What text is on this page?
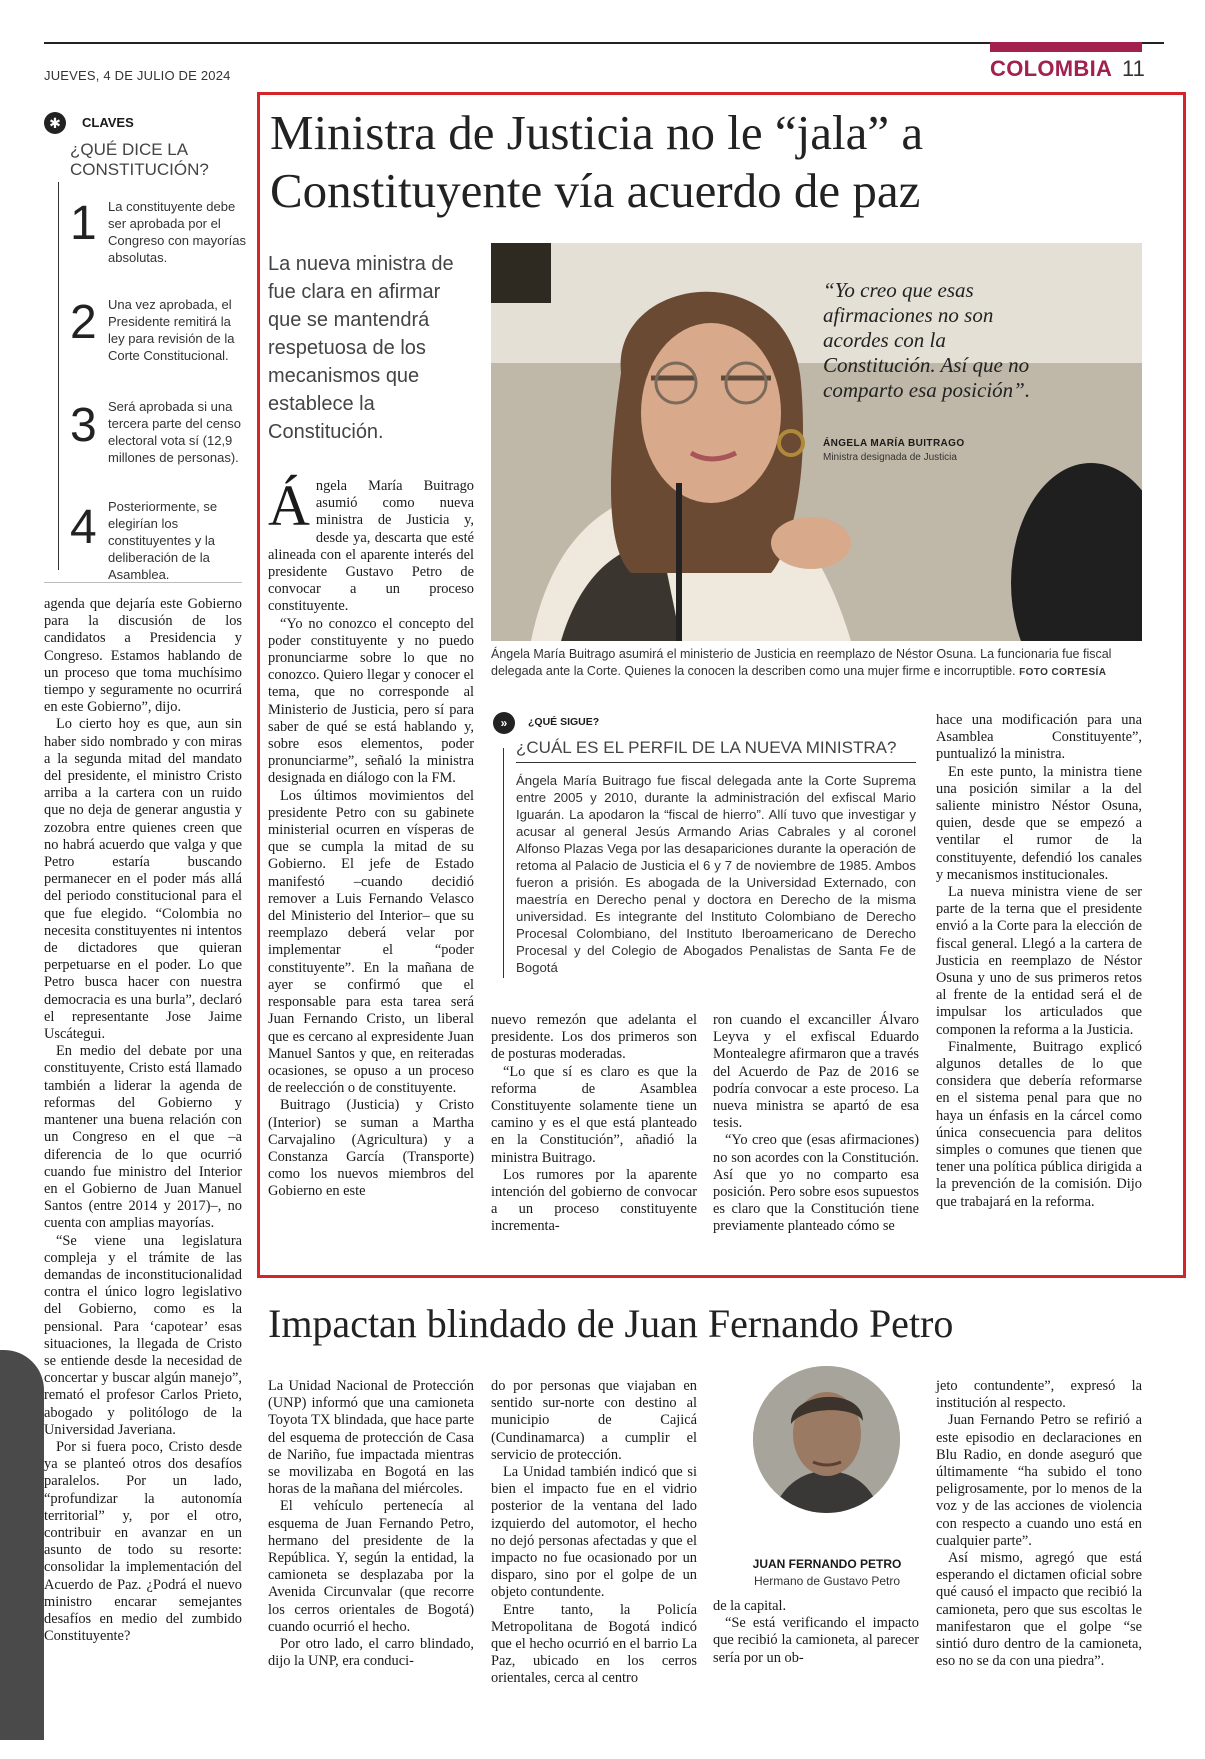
JUEVES, 4 DE JULIO DE 2024	COLOMBIA 11
✱	CLAVES
¿QUÉ DICE LA CONSTITUCIÓN?
1 La constituyente debe ser aprobada por el Congreso con mayorías absolutas.
2 Una vez aprobada, el Presidente remitirá la ley para revisión de la Corte Constitucional.
3 Será aprobada si una tercera parte del censo electoral vota sí (12,9 millones de personas).
4 Posteriormente, se elegirían los constituyentes y la deliberación de la Asamblea.

agenda que dejaría este Gobierno para la discusión de los candidatos a Presidencia y Congreso. Estamos hablando de un proceso que toma muchísimo tiempo y seguramente no ocurrirá en este Gobierno”, dijo.

Lo cierto hoy es que, aun sin haber sido nombrado y con miras a la segunda mitad del mandato del presidente, el ministro Cristo arriba a la cartera con un ruido que no deja de generar angustia y zozobra entre quienes creen que no habrá acuerdo que valga y que Petro estaría buscando permanecer en el poder más allá del periodo constitucional para el que fue elegido. “Colombia no necesita constituyentes ni intentos de dictadores que quieran perpetuarse en el poder. Lo que Petro busca hacer con nuestra democracia es una burla”, declaró el representante Jose Jaime Uscátegui.

En medio del debate por una constituyente, Cristo está llamado también a liderar la agenda de reformas del Gobierno y mantener una buena relación con un Congreso en el que –a diferencia de lo que ocurrió cuando fue ministro del Interior en el Gobierno de Juan Manuel Santos (entre 2014 y 2017)–, no cuenta con amplias mayorías.

“Se viene una legislatura compleja y el trámite de las demandas de inconstitucionalidad contra el único logro legislativo del Gobierno, como es la pensional. Para ‘capotear’ esas situaciones, la llegada de Cristo se entiende desde la necesidad de concertar y buscar algún manejo”, remató el profesor Carlos Prieto, abogado y politólogo de la Universidad Javeriana.

Por si fuera poco, Cristo desde ya se planteó otros dos desafíos paralelos. Por un lado, “profundizar la autonomía territorial” y, por el otro, contribuir en avanzar en un asunto de todo su resorte: consolidar la implementación del Acuerdo de Paz. ¿Podrá el nuevo ministro encarar semejantes desafíos en medio del zumbido Constituyente?

Ministra de Justicia no le “jala” a Constituyente vía acuerdo de paz
La nueva ministra de fue clara en afirmar que se mantendrá respetuosa de los mecanismos que establece la Constitución.
“Yo creo que esas afirmaciones no son acordes con la Constitución. Así que no comparto esa posición”.
ÁNGELA MARÍA BUITRAGO
Ministra designada de Justicia
Ángela María Buitrago asumirá el ministerio de Justicia en reemplazo de Néstor Osuna. La funcionaria fue fiscal delegada ante la Corte. Quienes la conocen la describen como una mujer firme e incorruptible. FOTO CORTESÍA

Ángela María Buitrago asumió como nueva ministra de Justicia y, desde ya, descarta que esté alineada con el aparente interés del presidente Gustavo Petro de convocar a un proceso constituyente.

“Yo no conozco el concepto del poder constituyente y no puedo pronunciarme sobre lo que no conozco. Quiero llegar y conocer el tema, que no corresponde al Ministerio de Justicia, pero sí para saber de qué se está hablando y, sobre esos elementos, poder pronunciarme”, señaló la ministra designada en diálogo con la FM.

Los últimos movimientos del presidente Petro con su gabinete ministerial ocurren en vísperas de que se cumpla la mitad de su Gobierno. El jefe de Estado manifestó –cuando decidió remover a Luis Fernando Velasco del Ministerio del Interior– que su reemplazo deberá velar por implementar el “poder constituyente”. En la mañana de ayer se confirmó que el responsable para esta tarea será Juan Fernando Cristo, un liberal que es cercano al expresidente Juan Manuel Santos y que, en reiteradas ocasiones, se opuso a un proceso de reelección o de constituyente.

Buitrago (Justicia) y Cristo (Interior) se suman a Martha Carvajalino (Agricultura) y a Constanza García (Transporte) como los nuevos miembros del Gobierno en este

»	¿QUÉ SIGUE?
¿CUÁL ES EL PERFIL DE LA NUEVA MINISTRA?
Ángela María Buitrago fue fiscal delegada ante la Corte Suprema entre 2005 y 2010, durante la administración del exfiscal Mario Iguarán. La apodaron la “fiscal de hierro”. Allí tuvo que investigar y acusar al general Jesús Armando Arias Cabrales y al coronel Alfonso Plazas Vega por las desapariciones durante la operación de retoma al Palacio de Justicia el 6 y 7 de noviembre de 1985. Ambos fueron a prisión. Es abogada de la Universidad Externado, con maestría en Derecho penal y doctora en Derecho de la misma universidad. Es integrante del Instituto Colombiano de Derecho Procesal Colombiano, del Instituto Iberoamericano de Derecho Procesal y del Colegio de Abogados Penalistas de Santa Fe de Bogotá

nuevo remezón que adelanta el presidente. Los dos primeros son de posturas moderadas.

“Lo que sí es claro es que la reforma de Asamblea Constituyente solamente tiene un camino y es el que está planteado en la Constitución”, añadió la ministra Buitrago.

Los rumores por la aparente intención del gobierno de convocar a un proceso constituyente incrementa-

ron cuando el excanciller Álvaro Leyva y el exfiscal Eduardo Montealegre afirmaron que a través del Acuerdo de Paz de 2016 se podría convocar a este proceso. La nueva ministra se apartó de esa tesis.

“Yo creo que (esas afirmaciones) no son acordes con la Constitución. Así que yo no comparto esa posición. Pero sobre esos supuestos es claro que la Constitución tiene previamente planteado cómo se

hace una modificación para una Asamblea Constituyente”, puntualizó la ministra.

En este punto, la ministra tiene una posición similar a la del saliente ministro Néstor Osuna, quien, desde que se empezó a ventilar el rumor de la constituyente, defendió los canales y mecanismos institucionales.

La nueva ministra viene de ser parte de la terna que el presidente envió a la Corte para la elección de fiscal general. Llegó a la cartera de Justicia en reemplazo de Néstor Osuna y uno de sus primeros retos al frente de la entidad será el de impulsar los articulados que componen la reforma a la Justicia.

Finalmente, Buitrago explicó algunos detalles de lo que considera que debería reformarse en el sistema penal para que no haya un énfasis en la cárcel como única consecuencia para delitos simples o comunes que tienen que tener una política pública dirigida a la prevención de la comisión. Dijo que trabajará en la reforma.

Impactan blindado de Juan Fernando Petro

La Unidad Nacional de Protección (UNP) informó que una camioneta Toyota TX blindada, que hace parte del esquema de protección de Casa de Nariño, fue impactada mientras se movilizaba en Bogotá en las horas de la mañana del miércoles.

El vehículo pertenecía al esquema de Juan Fernando Petro, hermano del presidente de la República. Y, según la entidad, la camioneta se desplazaba por la Avenida Circunvalar (que recorre los cerros orientales de Bogotá) cuando ocurrió el hecho.

Por otro lado, el carro blindado, dijo la UNP, era conduci-

do por personas que viajaban en sentido sur-norte con destino al municipio de Cajicá (Cundinamarca) a cumplir el servicio de protección.

La Unidad también indicó que si bien el impacto fue en el vidrio posterior de la ventana del lado izquierdo del automotor, el hecho no dejó personas afectadas y que el impacto no fue ocasionado por un disparo, sino por el golpe de un objeto contundente.

Entre tanto, la Policía Metropolitana de Bogotá indicó que el hecho ocurrió en el barrio La Paz, ubicado en los cerros orientales, cerca al centro

JUAN FERNANDO PETRO
Hermano de Gustavo Petro

de la capital.

“Se está verificando el impacto que recibió la camioneta, al parecer sería por un ob-

jeto contundente”, expresó la institución al respecto.

Juan Fernando Petro se refirió a este episodio en declaraciones en Blu Radio, en donde aseguró que últimamente “ha subido el tono peligrosamente, por lo menos de la voz y de las acciones de violencia con respecto a cuando uno está en cualquier parte”.

Así mismo, agregó que está esperando el dictamen oficial sobre qué causó el impacto que recibió la camioneta, pero que sus escoltas le manifestaron que el golpe “se sintió duro dentro de la camioneta, eso no se da con una piedra”.
